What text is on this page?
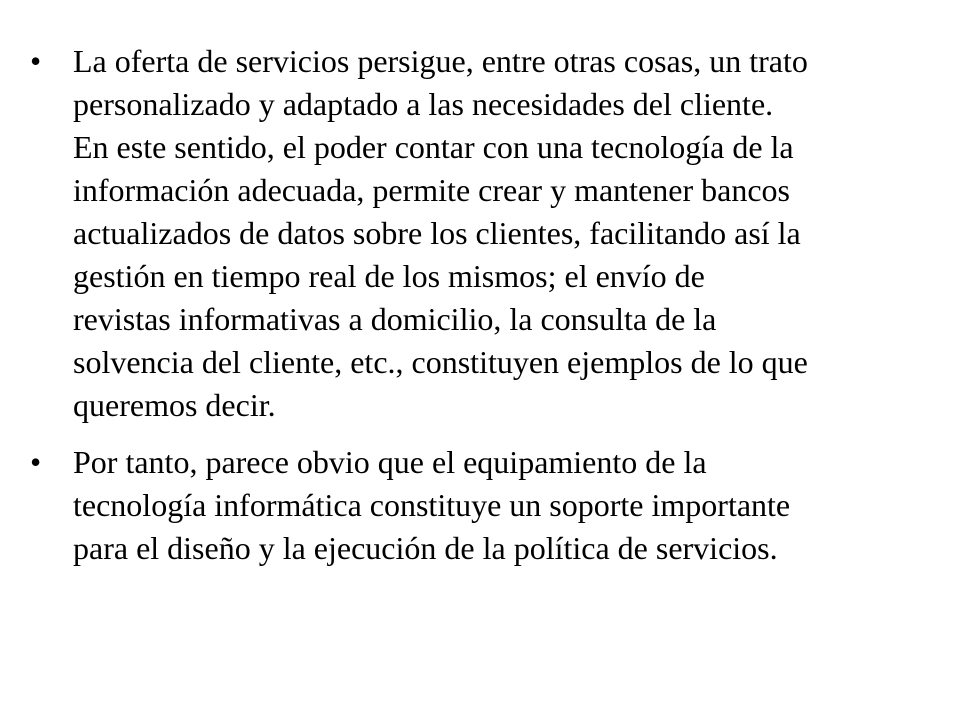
• La oferta de servicios persigue, entre otras cosas, un trato
personalizado y adaptado a las necesidades del cliente.
En este sentido, el poder contar con una tecnología de la
información adecuada, permite crear y mantener bancos
actualizados de datos sobre los clientes, facilitando así la
gestión en tiempo real de los mismos; el envío de
revistas informativas a domicilio, la consulta de la
solvencia del cliente, etc., constituyen ejemplos de lo que
queremos decir.
• Por tanto, parece obvio que el equipamiento de la
tecnología informática constituye un soporte importante
para el diseño y la ejecución de la política de servicios.
